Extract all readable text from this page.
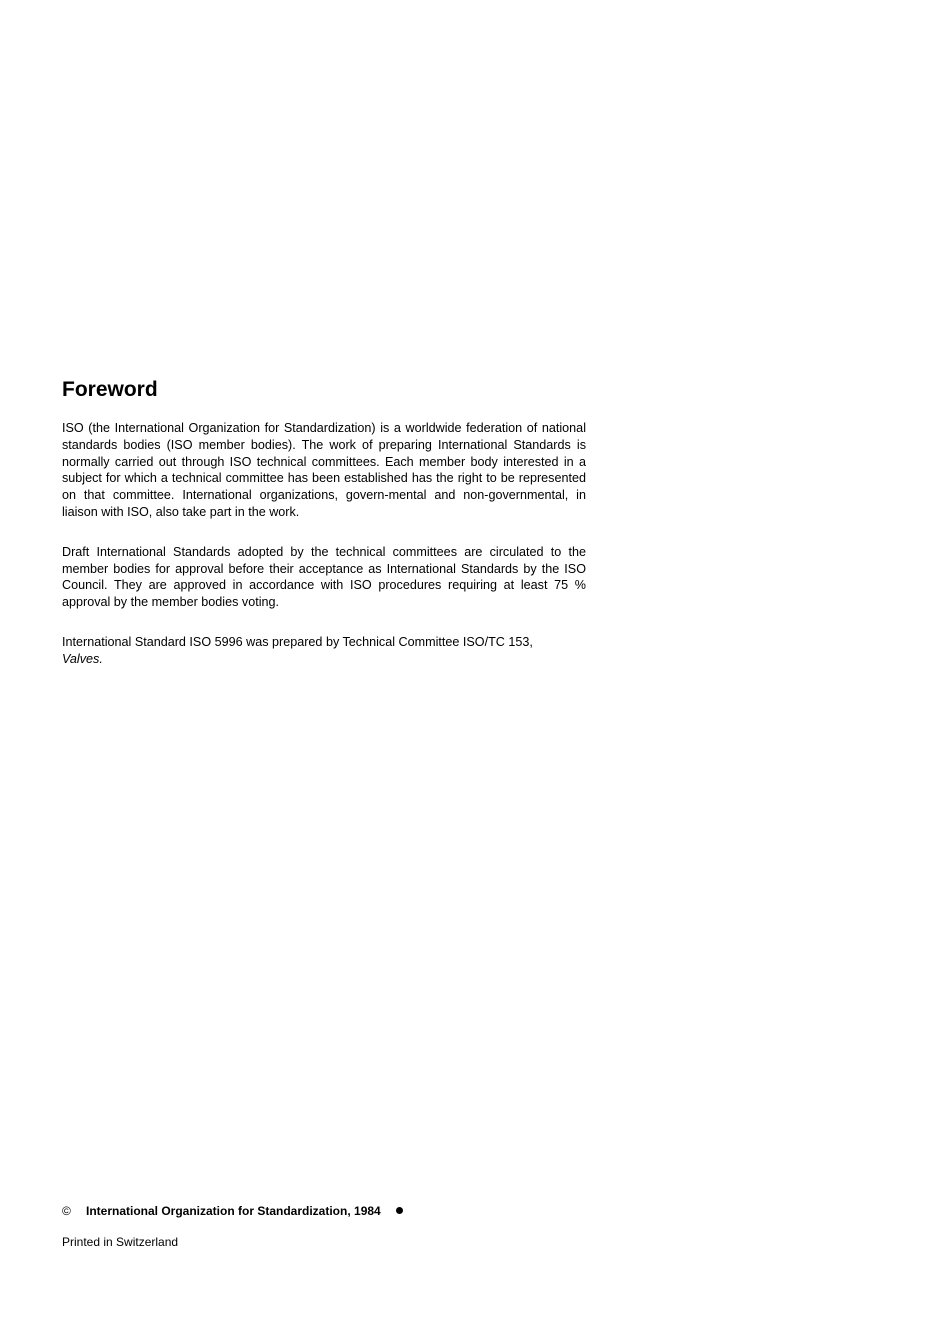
Foreword

ISO (the International Organization for Standardization) is a worldwide federation of national standards bodies (ISO member bodies). The work of preparing International Standards is normally carried out through ISO technical committees. Each member body interested in a subject for which a technical committee has been established has the right to be represented on that committee. International organizations, govern-mental and non-governmental, in liaison with ISO, also take part in the work.

Draft International Standards adopted by the technical committees are circulated to the member bodies for approval before their acceptance as International Standards by the ISO Council. They are approved in accordance with ISO procedures requiring at least 75 % approval by the member bodies voting.

International Standard ISO 5996 was prepared by Technical Committee ISO/TC 153,
Valves.

© International Organization for Standardization, 1984
Printed in Switzerland
